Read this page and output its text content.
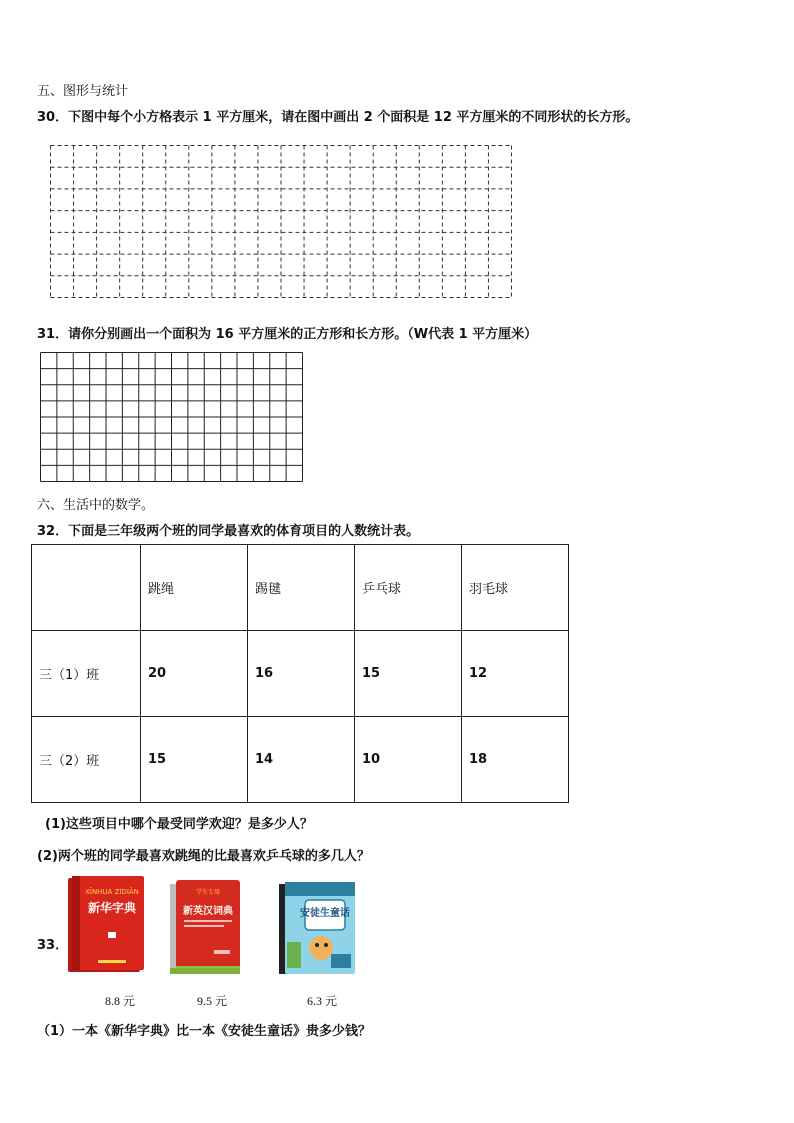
五、图形与统计
30．下图中每个小方格表示 1 平方厘米，请在图中画出 2 个面积是 12 平方厘米的不同形状的长方形。
31．请你分别画出一个面积为 16 平方厘米的正方形和长方形。（W代表 1 平方厘米）
六、生活中的数学。
32．下面是三年级两个班的同学最喜欢的体育项目的人数统计表。
	跳绳	踢毽	乒乓球	羽毛球
三（1）班	20	16	15	12
三（2）班	15	14	10	18
(1)这些项目中哪个最受同学欢迎？是多少人？
(2)两个班的同学最喜欢跳绳的比最喜欢乒乓球的多几人？
33．
XĪNHUÁ ZÌDIǍN
新华字典
8.8 元
学生专用
新英汉词典
9.5 元
安徒生童话
6.3 元
（1）一本《新华字典》比一本《安徒生童话》贵多少钱？
